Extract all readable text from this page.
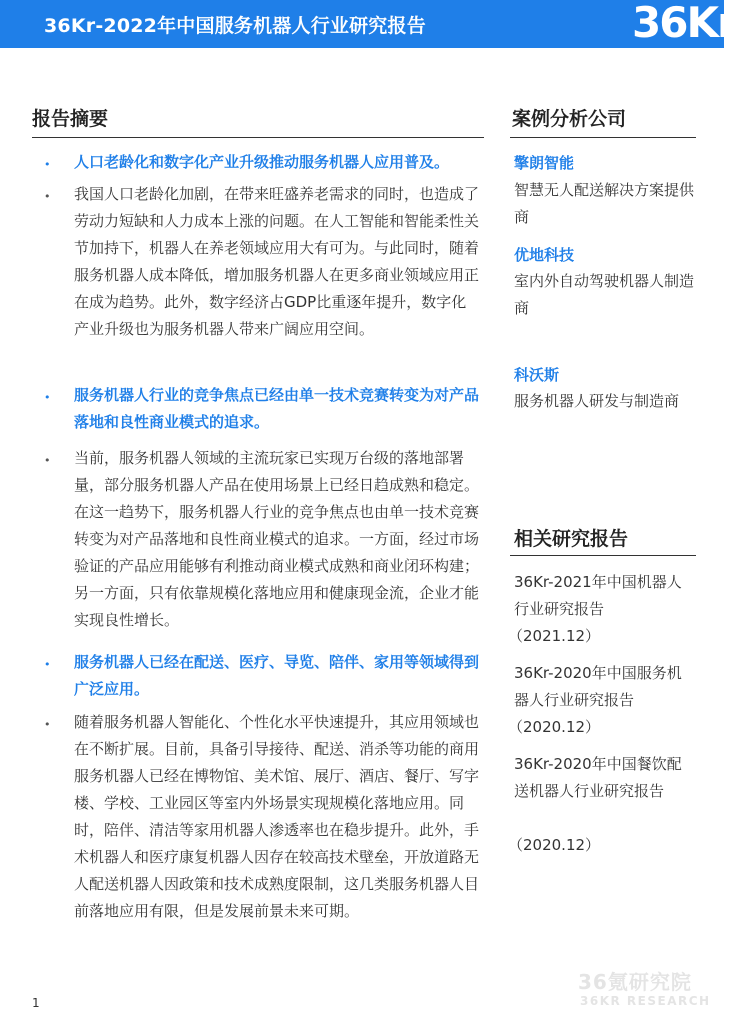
36Kr-2022年中国服务机器人行业研究报告	36Kr
报告摘要
• 人口老龄化和数字化产业升级推动服务机器人应用普及。
• 我国人口老龄化加剧，在带来旺盛养老需求的同时，也造成了劳动力短缺和人力成本上涨的问题。在人工智能和智能柔性关节加持下，机器人在养老领域应用大有可为。与此同时，随着服务机器人成本降低，增加服务机器人在更多商业领域应用正在成为趋势。此外，数字经济占GDP比重逐年提升，数字化产业升级也为服务机器人带来广阔应用空间。
• 服务机器人行业的竞争焦点已经由单一技术竞赛转变为对产品落地和良性商业模式的追求。
• 当前，服务机器人领域的主流玩家已实现万台级的落地部署量，部分服务机器人产品在使用场景上已经日趋成熟和稳定。在这一趋势下，服务机器人行业的竞争焦点也由单一技术竞赛转变为对产品落地和良性商业模式的追求。一方面，经过市场验证的产品应用能够有利推动商业模式成熟和商业闭环构建；另一方面，只有依靠规模化落地应用和健康现金流，企业才能实现良性增长。
• 服务机器人已经在配送、医疗、导览、陪伴、家用等领域得到广泛应用。
• 随着服务机器人智能化、个性化水平快速提升，其应用领域也在不断扩展。目前，具备引导接待、配送、消杀等功能的商用服务机器人已经在博物馆、美术馆、展厅、酒店、餐厅、写字楼、学校、工业园区等室内外场景实现规模化落地应用。同时，陪伴、清洁等家用机器人渗透率也在稳步提升。此外，手术机器人和医疗康复机器人因存在较高技术壁垒，开放道路无人配送机器人因政策和技术成熟度限制，这几类服务机器人目前落地应用有限，但是发展前景未来可期。
案例分析公司
擎朗智能
智慧无人配送解决方案提供商
优地科技
室内外自动驾驶机器人制造商
科沃斯
服务机器人研发与制造商
相关研究报告
36Kr-2021年中国机器人行业研究报告
（2021.12）
36Kr-2020年中国服务机器人行业研究报告
（2020.12）
36Kr-2020年中国餐饮配送机器人行业研究报告
（2020.12）
36氪研究院
36KR RESEARCH
1
